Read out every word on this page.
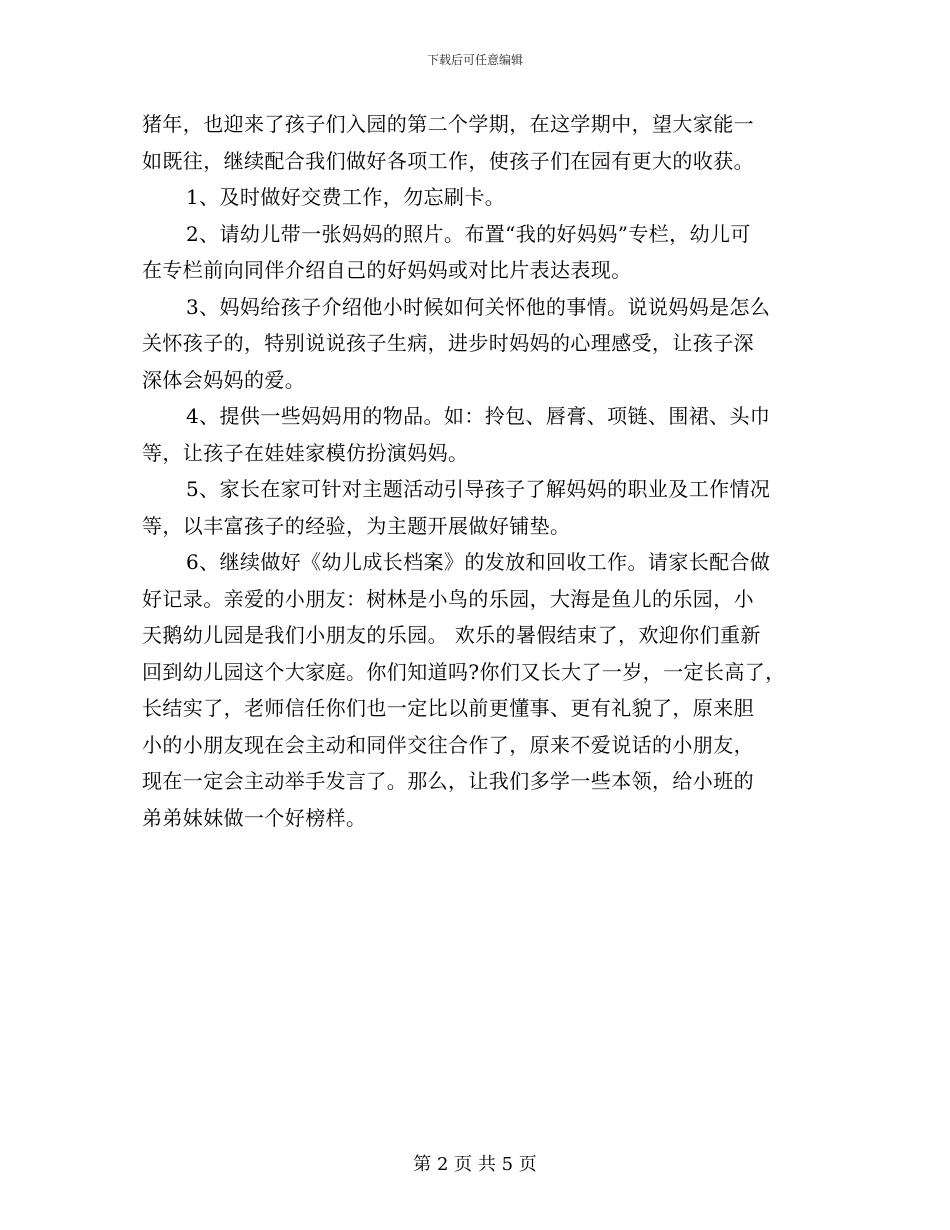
下载后可任意编辑
猪年，也迎来了孩子们入园的第二个学期，在这学期中，望大家能一
如既往，继续配合我们做好各项工作，使孩子们在园有更大的收获。
1、及时做好交费工作，勿忘刷卡。
2、请幼儿带一张妈妈的照片。布置“我的好妈妈”专栏，幼儿可
在专栏前向同伴介绍自己的好妈妈或对比片表达表现。
3、妈妈给孩子介绍他小时候如何关怀他的事情。说说妈妈是怎么
关怀孩子的，特别说说孩子生病，进步时妈妈的心理感受，让孩子深
深体会妈妈的爱。
4、提供一些妈妈用的物品。如：拎包、唇膏、项链、围裙、头巾
等，让孩子在娃娃家模仿扮演妈妈。
5、家长在家可针对主题活动引导孩子了解妈妈的职业及工作情况
等，以丰富孩子的经验，为主题开展做好铺垫。
6、继续做好《幼儿成长档案》的发放和回收工作。请家长配合做
好记录。亲爱的小朋友：树林是小鸟的乐园，大海是鱼儿的乐园，小
天鹅幼儿园是我们小朋友的乐园。 欢乐的暑假结束了，欢迎你们重新
回到幼儿园这个大家庭。你们知道吗?你们又长大了一岁，一定长高了，
长结实了，老师信任你们也一定比以前更懂事、更有礼貌了，原来胆
小的小朋友现在会主动和同伴交往合作了，原来不爱说话的小朋友，
现在一定会主动举手发言了。那么，让我们多学一些本领，给小班的
弟弟妹妹做一个好榜样。
第 2 页 共 5 页
